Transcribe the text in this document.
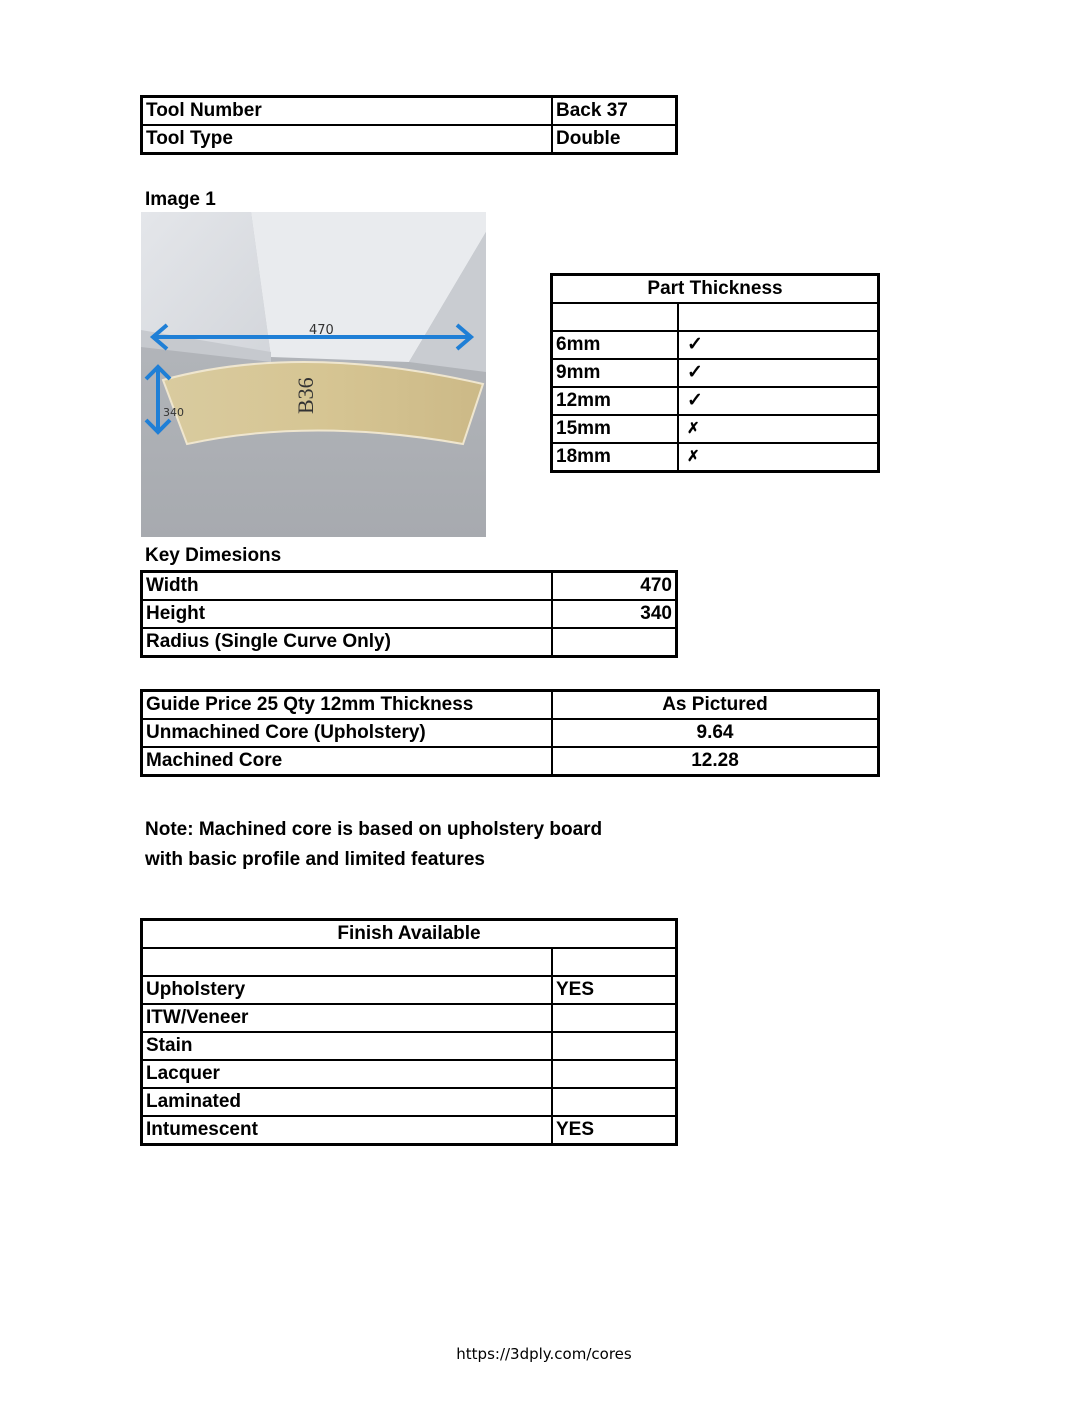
Tool Number	Back 37
Tool Type	Double
Image 1
B36
470
340
Part Thickness	

6mm	✓
9mm	✓
12mm	✓
15mm	✗
18mm	✗
Key Dimesions
Width	470
Height	340
Radius (Single Curve Only)	
Guide Price 25 Qty 12mm Thickness	As Pictured
Unmachined Core (Upholstery)	9.64
Machined Core	12.28
Note: Machined core is based on upholstery board
with basic profile and limited features
Finish Available	

Upholstery	YES
ITW/Veneer	
Stain	
Lacquer	
Laminated	
Intumescent	YES
https://3dply.com/cores
